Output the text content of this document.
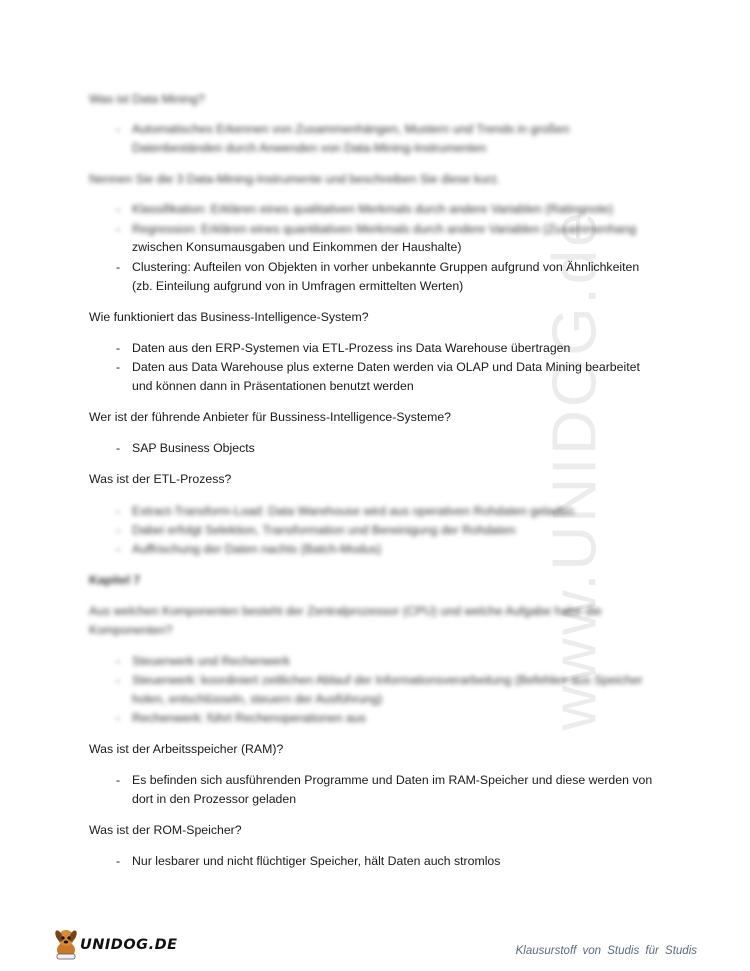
www.UNIDOG.de
Was ist Data Mining?
- Automatisches Erkennen von Zusammenhängen, Mustern und Trends in großen
Datenbeständen durch Anwenden von Data-Mining-Instrumenten
Nennen Sie die 3 Data-Mining-Instrumente und beschreiben Sie diese kurz.
- Klassifikation: Erklären eines qualitativen Merkmals durch andere Variablen (Ratingnote)
- Regression: Erklären eines quantitativen Merkmals durch andere Variablen (Zusammenhang
zwischen Konsumausgaben und Einkommen der Haushalte)
- Clustering: Aufteilen von Objekten in vorher unbekannte Gruppen aufgrund von Ähnlichkeiten
(zb. Einteilung aufgrund von in Umfragen ermittelten Werten)
Wie funktioniert das Business-Intelligence-System?
- Daten aus den ERP-Systemen via ETL-Prozess ins Data Warehouse übertragen
- Daten aus Data Warehouse plus externe Daten werden via OLAP und Data Mining bearbeitet
und können dann in Präsentationen benutzt werden
Wer ist der führende Anbieter für Bussiness-Intelligence-Systeme?
- SAP Business Objects
Was ist der ETL-Prozess?
- Extract-Transform-Load: Data Warehouse wird aus operativen Rohdaten geladen
- Dabei erfolgt Selektion, Transformation und Bereinigung der Rohdaten
- Auffrischung der Daten nachts (Batch-Modus)
Kapitel 7
Aus welchen Komponenten besteht der Zentralprozessor (CPU) und welche Aufgabe habe die
Komponenten?
- Steuerwerk und Rechenwerk
- Steuerwerk: koordiniert zeitlichen Ablauf der Informationsverarbeitung (Befehlen aus Speicher
holen, entschlüsseln, steuern der Ausführung)
- Rechenwerk: führt Rechenoperationen aus
Was ist der Arbeitsspeicher (RAM)?
- Es befinden sich ausführenden Programme und Daten im RAM-Speicher und diese werden von
dort in den Prozessor geladen
Was ist der ROM-Speicher?
- Nur lesbarer und nicht flüchtiger Speicher, hält Daten auch stromlos
UNIDOG.DE	Klausurstoff von Studis für Studis
